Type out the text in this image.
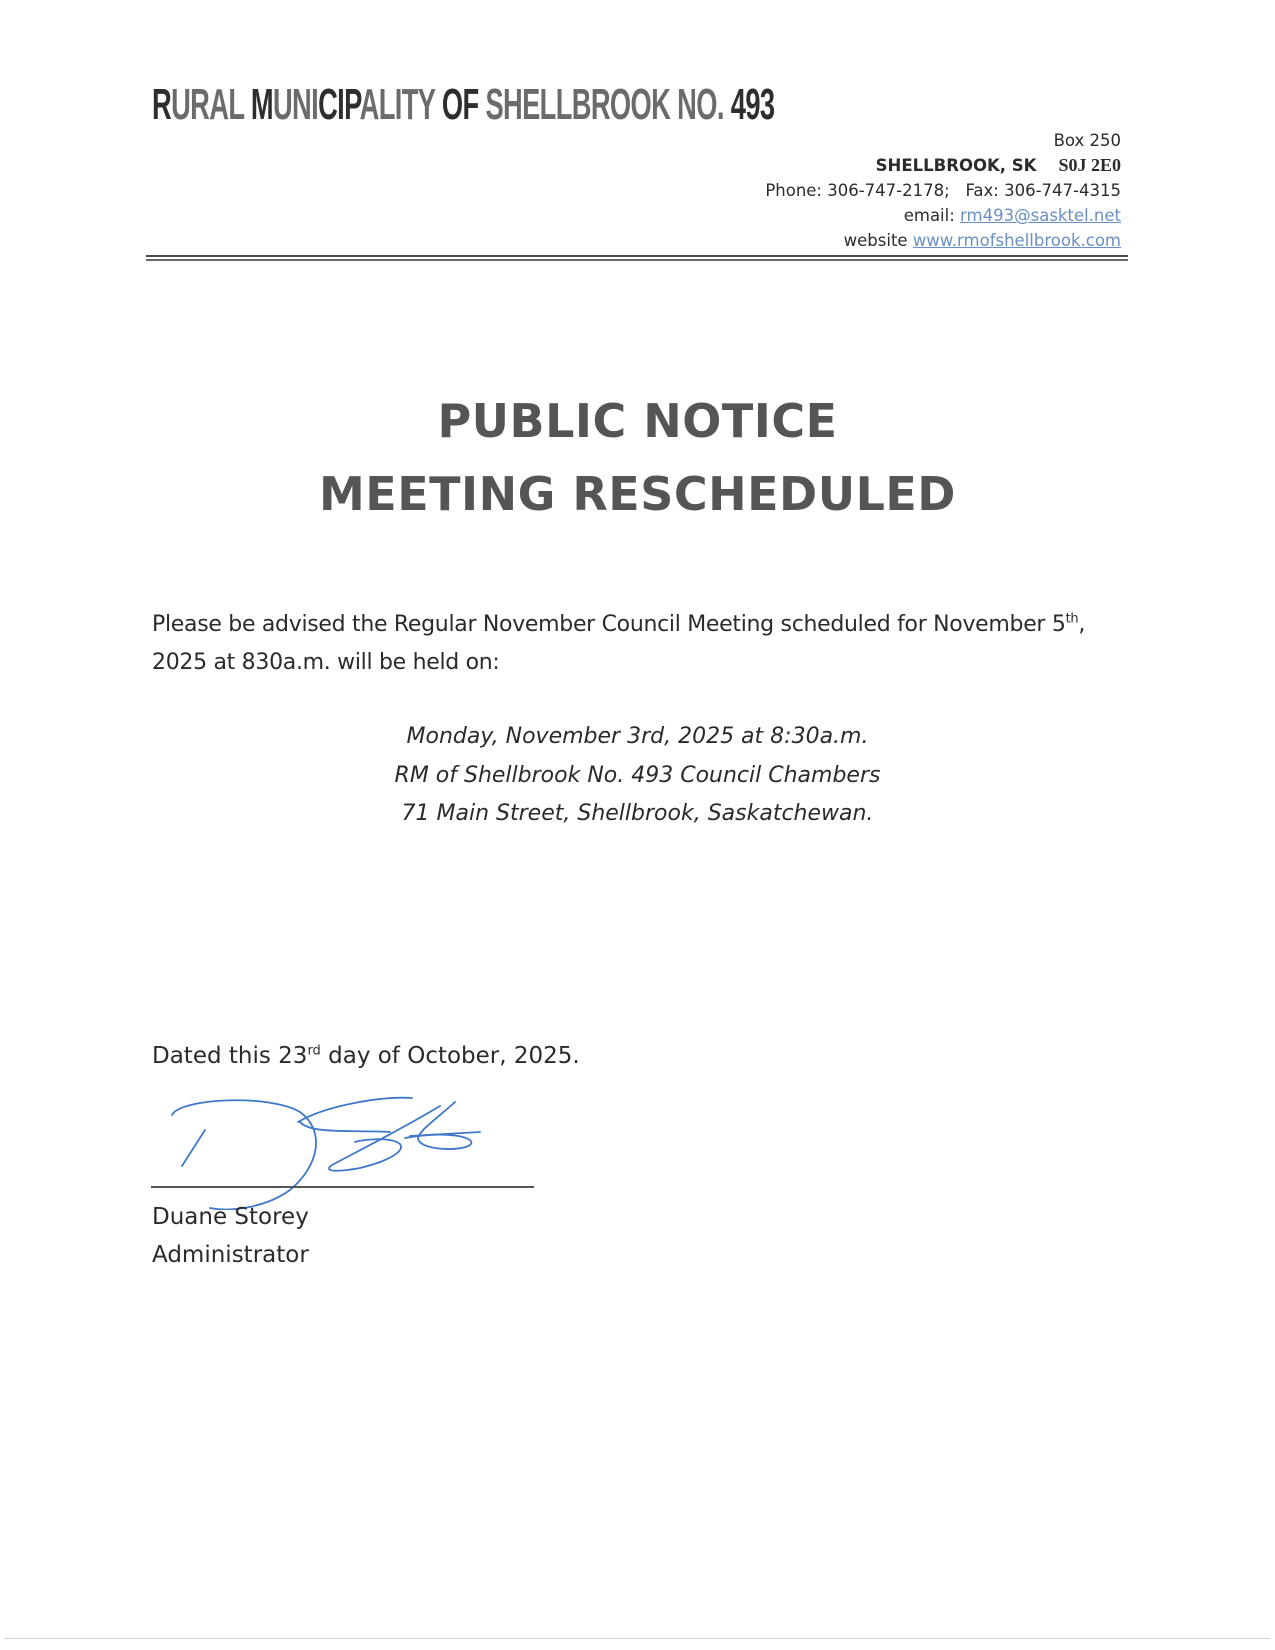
RURAL MUNICIPALITY OF SHELLBROOK NO. 493
Box 250
SHELLBROOK, SK S0J 2E0
Phone: 306-747-2178; Fax: 306-747-4315
email: rm493@sasktel.net
website www.rmofshellbrook.com
PUBLIC NOTICE
MEETING RESCHEDULED
Please be advised the Regular November Council Meeting scheduled for November 5th, 2025 at 830a.m. will be held on:
Monday, November 3rd, 2025 at 8:30a.m.
RM of Shellbrook No. 493 Council Chambers
71 Main Street, Shellbrook, Saskatchewan.
Dated this 23rd day of October, 2025.
Duane Storey
Administrator
